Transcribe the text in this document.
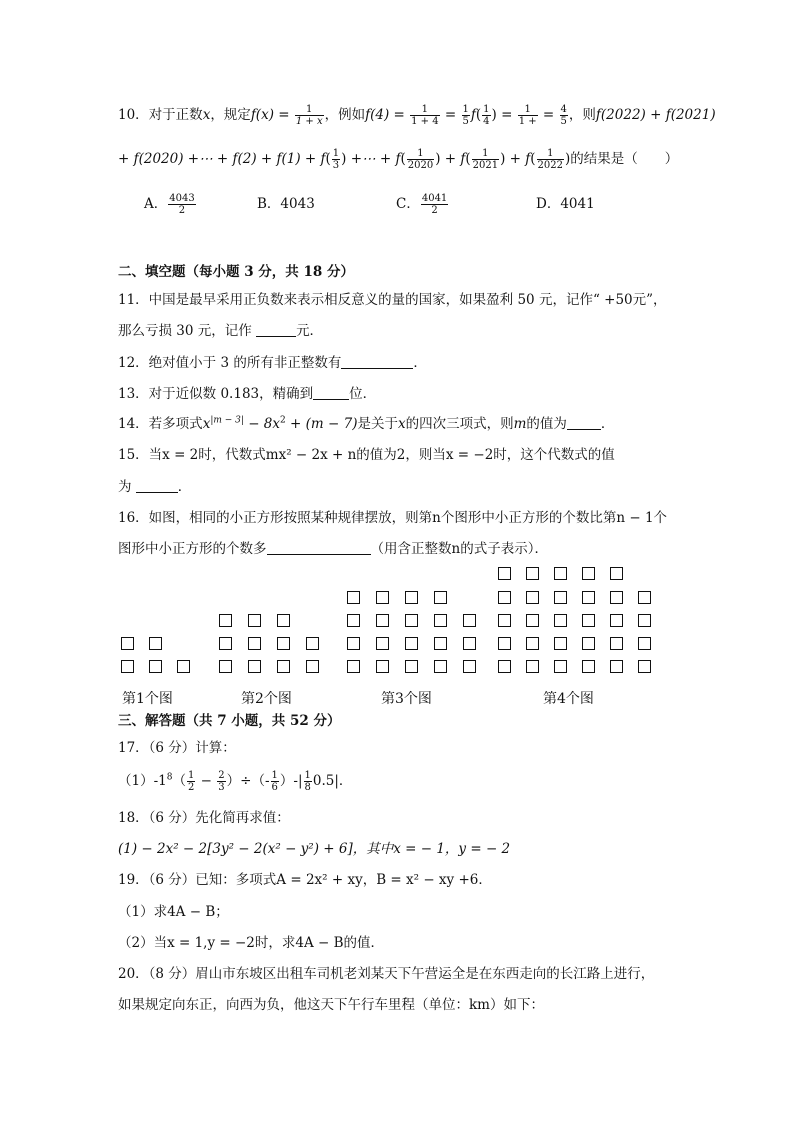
10．对于正数x，规定$f(x) = \frac{1}{1 + x}$ ，例如$f(4) = \frac{1}{1 + 4} = \frac{1}{5} f( \frac{1}{4}$ ) = $\frac{1}{1 +} = \frac{4}{5}$ ，则f(2022) + f(2021)
+ f(2020) +⋯ + $f(2) + f(1) + f( \frac{1}{3}$ ) +⋯ + $f( \frac{1}{2020}$ ) + $f( \frac{1}{2021}$ ) + $f( \frac{1}{2022}$ )的结果是（　　）
A． $\frac{4043}{2}$	B．4043	C． $\frac{4041}{2}$	D．4041
二、填空题（每小题 3 分，共 18 分）
11．中国是最早采用正负数来表示相反意义的量的国家，如果盈利 50 元，记作“ +50元”，
那么亏损 30 元，记作	元．
12．绝对值小于 3 的所有非正整数有	．
13．对于近似数 0.183，精确到	位．
14．若多项式$x^{|m - 3|} - 8x^2 + (m - 7)$是关于x的四次三项式，则m的值为	．
15．当x = 2时，代数式mx² − 2x + n的值为2，则当x = −2时，这个代数式的值
为	．
16．如图，相同的小正方形按照某种规律摆放，则第n个图形中小正方形的个数比第n − 1个
图形中小正方形的个数多	（用含正整数n的式子表示）．
第1个图	第2个图	第3个图	第4个图
三、解答题（共 7 小题，共 52 分）
17．（6 分）计算：
$(1)-1^8( \frac{1}{2} - \frac{2}{3}$ ）÷（- $\frac{1}{6}$ ）-| $\frac{1}{8} 0.5|$．
18．（6 分）先化简再求值：
(1) − 2x² − 2[3y² − 2(x² − y²) + 6]，其中x = − 1，y = − 2
19．（6 分）已知：多项式A = 2x² + xy，B = x² − xy +6．
（1）求4A − B；
（2）当x = 1,y = −2时，求4A − B的值．
20．（8 分）眉山市东坡区出租车司机老刘某天下午营运全是在东西走向的长江路上进行，
如果规定向东正，向西为负，他这天下午行车里程（单位：km）如下：
